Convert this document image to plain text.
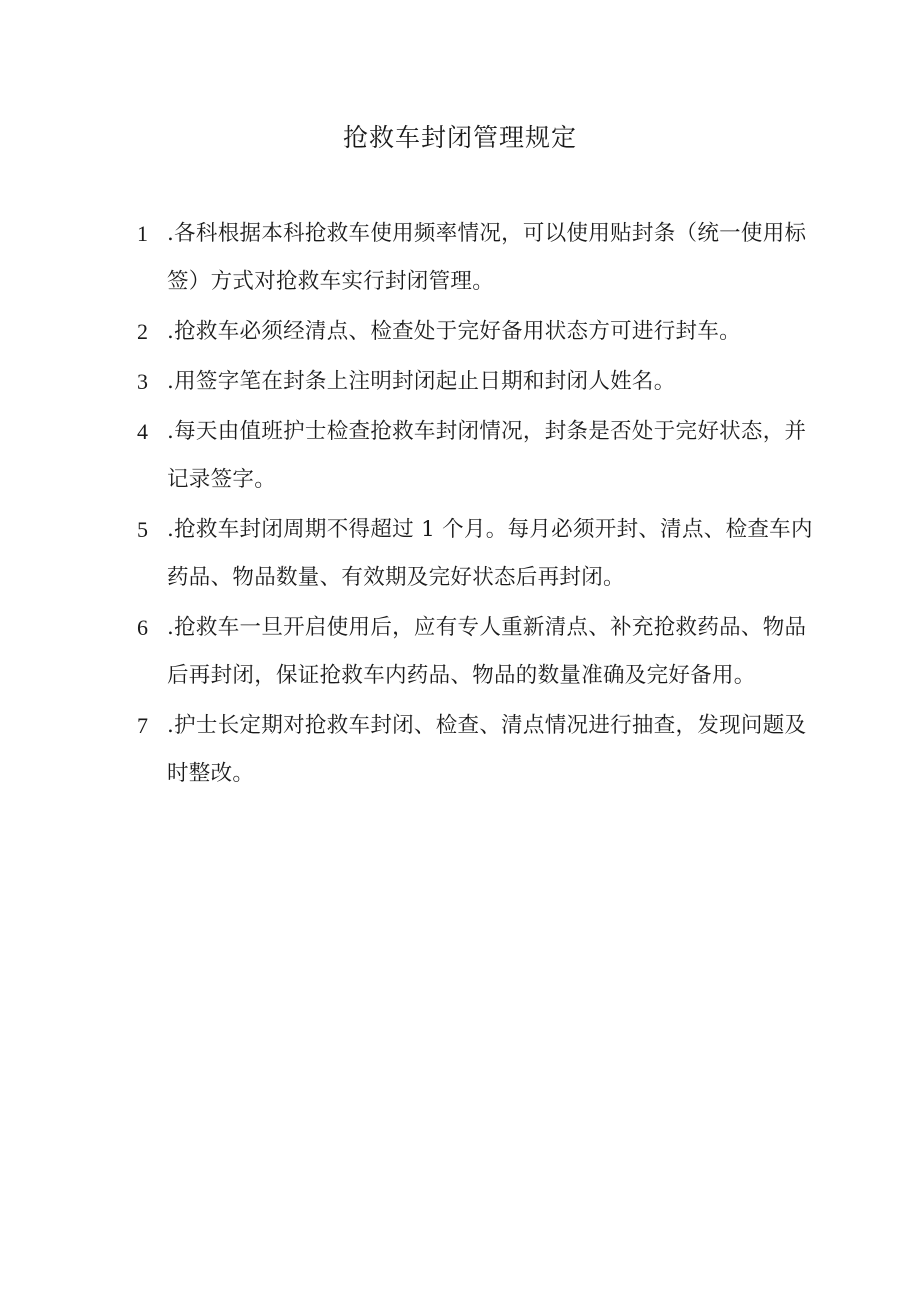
抢救车封闭管理规定
1 .各科根据本科抢救车使用频率情况，可以使用贴封条（统一使用标签）方式对抢救车实行封闭管理。
2 .抢救车必须经清点、检查处于完好备用状态方可进行封车。
3 .用签字笔在封条上注明封闭起止日期和封闭人姓名。
4 .每天由值班护士检查抢救车封闭情况，封条是否处于完好状态，并记录签字。
5 .抢救车封闭周期不得超过 1 个月。每月必须开封、清点、检查车内药品、物品数量、有效期及完好状态后再封闭。
6 .抢救车一旦开启使用后，应有专人重新清点、补充抢救药品、物品后再封闭，保证抢救车内药品、物品的数量准确及完好备用。
7 .护士长定期对抢救车封闭、检查、清点情况进行抽查，发现问题及时整改。
